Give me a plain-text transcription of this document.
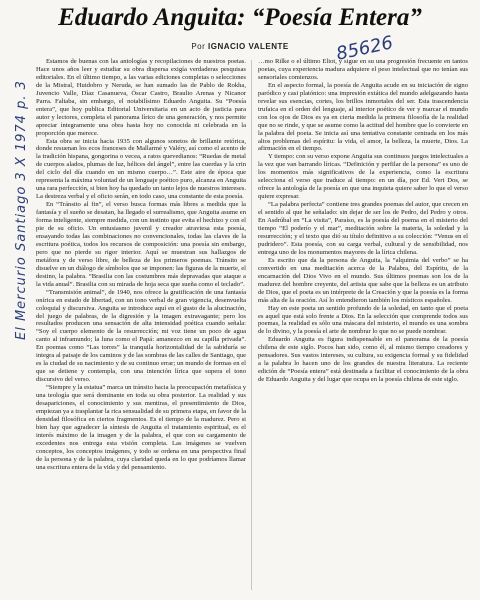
El Mercurio Santiago 3 X 1974 p. 3
85626
Eduardo Anguita: “Poesía Entera”
Por IGNACIO VALENTE

Estamos de buenas con las antologías y recopilaciones de nuestros poetas. Hace unos años leer y estudiar su obra dispersa exigía verdaderas pesquisas editoriales. En el último tiempo, a las varias ediciones completas o selecciones de la Mistral, Huidobro y Neruda, se han sumado las de Pablo de Rokha, Juvencio Valle, Díaz Casanueva, Óscar Castro, Braulio Arenas y Nicanor Parra. Faltaba, sin embargo, el notabilísimo Eduardo Anguita. Su “Poesía entera”, que hoy publica Editorial Universitaria en un acto de justicia para autor y lectores, completa el panorama lírico de una generación, y nos permite apreciar íntegramente una obra hasta hoy no conocida ni celebrada en la proporción que merece.

Esta obra se inicia hacia 1935 con algunos sonetos de brillante retórica, donde resuenan los ecos franceses de Mallarmé y Valéry, así como el acento de la tradición hispana, gongorina o vecea, a ratos quevedianos: “Ruedas de metal de cuerpos alados, plumas de luz, hélices del ángel”, entre las cuerdas y la crin del ciclo del día cuando en un mismo cuerpo…”. Este aire de época que representa la máxima voluntad de un lenguaje poético puro, alcanza en Anguita una rara perfección, si bien hoy ha quedado un tanto lejos de nuestros intereses. La destreza verbal y el oficio serán, en todo caso, una constante de esta poesía.

En “Tránsito al fin”, el verso busca formas más libres a medida que la fantasía y el sueño se desatan, ha llegado el surrealismo, que Anguita asume en forma inteligente, siempre medida, con un instinto que evita el hechizo y con el pie de su oficio. Un entusiasmo juvenil y creador atraviesa esta poesía, ensayando todas las combinaciones no convencionales, todas las claves de la escritura poética, todos los recursos de composición: una poesía sin embargo, pero que no pierde su rigor interior. Aquí se muestran sus hallazgos de metáfora y de verso libre, de belleza de los primeros poemas. Tránsito se disuelve en un diálogo de símbolos que se imponen: las figuras de la muerte, el destino, la palabra. “Brasilia con las costumbres más depravadas que ataque a la vida anual”. Brasilia con su mirada de hoja seca que sueña como el teclado”.

“Transmisión animal”, de 1940, nos ofrece la gratificación de una fantasía onírica en estado de libertad, con un tono verbal de gran vigencia, desenvuelta coloquial y discursiva. Anguita se introduce aquí en el gusto de la alucinación, del juego de palabras, de la digresión y la imagen extravagante; pero los resultados producen una sensación de alta intensidad poética cuando señala: “Soy el cuerpo elemento de la resurrección; mi voz tiene un poco de agua canto al inframundo; la luna como el Papá: amanezco en su capilla privada”. En poemas como “Las torres” la tranquila horizontalidad de la sabiduría se integra al paisaje de los caminos y de las sombras de las calles de Santiago, que es la ciudad de su nacimiento y de su continuo errar; un mundo de formas en el que se detiene y contempla, con una intención lírica que supera el tono discursivo del verso.

“Siempre y la estatua” marca un tránsito hacia la preocupación metafísica y una teología que será dominante en toda su obra posterior. La realidad y sus desapariciones, el conocimiento y sus mentiras, el presentimiento de Dios, empiezan ya a trasplantar la rica sensualidad de su primera etapa, en favor de la densidad filosófica en ciertos fragmentos. Es el tiempo de la madurez. Pero si bien hay que agradecer la síntesis de Anguita el tratamiento espiritual, es el interés máximo de la imagen y de la palabra, el que con su cargamento de excedentes nos entrega esta visión completa. Las imágenes se vuelven conceptos, los conceptos imágenes, y todo se ordena en una perspectiva final de la persona y de la palabra, cuya claridad queda en lo que podríamos llamar una escritura entera de la vida y del pensamiento.

…mo Rilke o el último Eliot, y sigue en su una progresión frecuente en tantos poetas, cuya experiencia madura adquiere el peso intelectual que no tenían sus sensoriales comienzos.

En el aspecto formal, la poesía de Anguita acude en su iniciación de signo paródico y casi platónico: una impresión extática del mundo adelgazando hasta revelar sus esencias, cortes, los brillos inmortales del ser. Esta trascendencia trufaica en el orden del lenguaje, al interior poético de ver y marcar el mundo con los ojos de Dios es ya en cierta medida la primera filosofía de la realidad que no se rinde, y que se asume como la actitud del hombre que lo convierte en la palabra del poeta. Se inicia así una tentativa constante centrada en los más altos problemas del espíritu: la vida, el amor, la belleza, la muerte, Dios. La afirmación en el tiempo.

Y tiempo: con su verso expone Anguita sus continuos juegos intelectuales a la vez que van barrando líricas. “Definición y perfilar de la persona” es uno de los momentos más significativos de la experiencia, como la escritura selecciona el verso que traduce al tiempo: en un día, por Ed. Vert Dos, se ofrece la antología de la poesía en que una inquieta quiere saber lo que el verso quiere expresar.

“La palabra perfecta” contiene tres grandes poemas del autor, que crecen en el sentido al que he señalado: sin dejar de ser los de Pedro, del Pedro y otros. En Asdrúbal en “La visita”, Paraíso, es la poesía del poema en el misterio del tiempo “El poderío y el mar”, meditación sobre la materia, la soledad y la resurrección; y el texto que dió su título definitivo a su colección: “Venus en el pudridero”. Esta poesía, con su carga verbal, cultural y de sensibilidad, nos entrega uno de los monumentos mayores de la lírica chilena.

Es escrito que da la persona de Anguita, la “alquimia del verbo” se ha convertido en una meditación acerca de la Palabra, del Espíritu, de la encarnación del Dios Vivo en el mundo. Sus últimos poemas son los de la madurez del hombre creyente, del artista que sabe que la belleza es un atributo de Dios, que el poeta es un intérprete de la Creación y que la poesía es la forma más alta de la oración. Así lo entendieron también los místicos españoles.

Hay en este poeta un sentido profundo de la soledad, en tanto que el poeta es aquel que está solo frente a Dios. En la selección que comprende todos sus poemas, la realidad es sólo una máscara del misterio, el mundo es una sombra de lo divino, y la poesía el arte de nombrar lo que no se puede nombrar.

Eduardo Anguita es figura indispensable en el panorama de la poesía chilena de este siglo. Pocos han sido, como él, al mismo tiempo creadores y pensadores. Sus vastos intereses, su cultura, su exigencia formal y su fidelidad a la palabra lo hacen uno de los grandes de nuestra literatura. La reciente edición de “Poesía entera” está destinada a facilitar el conocimiento de la obra de Eduardo Anguita y del lugar que ocupa en la poesía chilena de este siglo.
